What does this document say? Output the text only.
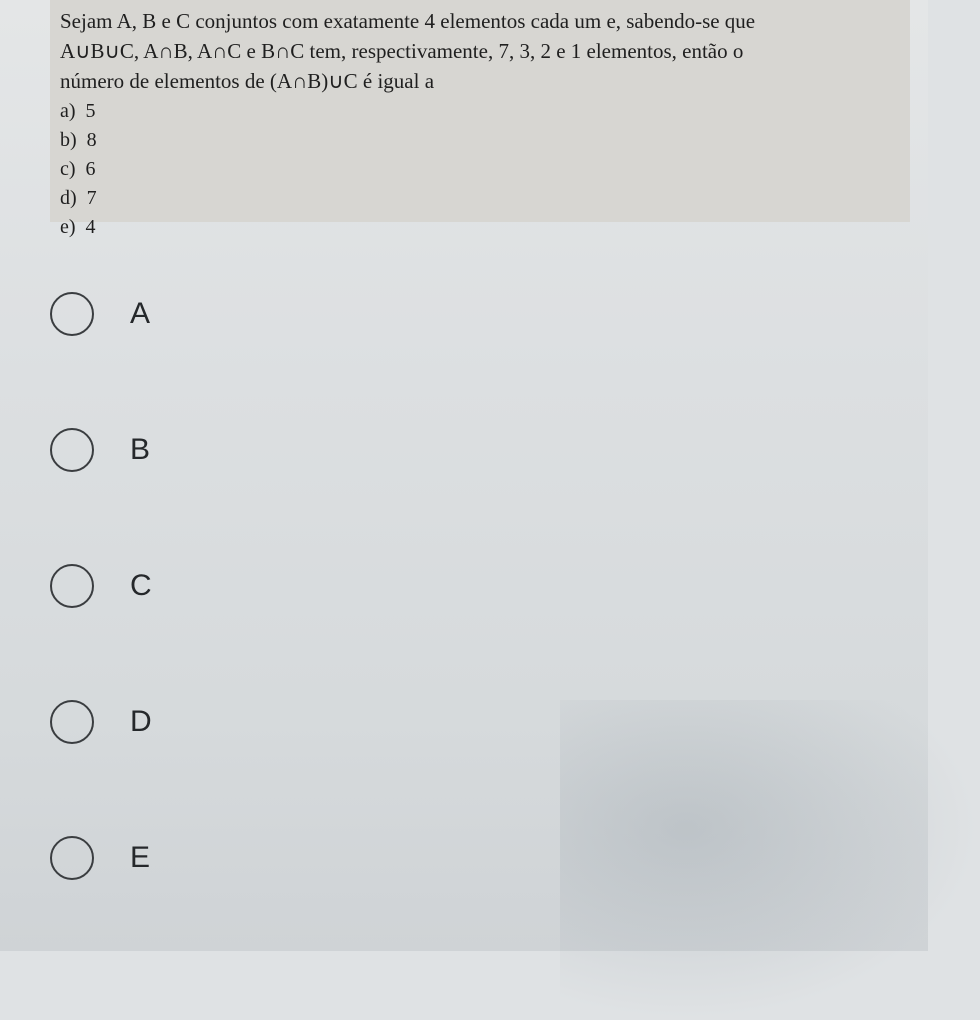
Sejam A, B e C conjuntos com exatamente 4 elementos cada um e, sabendo-se que
A∪B∪C, A∩B, A∩C e B∩C tem, respectivamente, 7, 3, 2 e 1 elementos, então o
número de elementos de (A∩B)∪C é igual a
a) 5
b) 8
c) 6
d) 7
e) 4
A
B
C
D
E
